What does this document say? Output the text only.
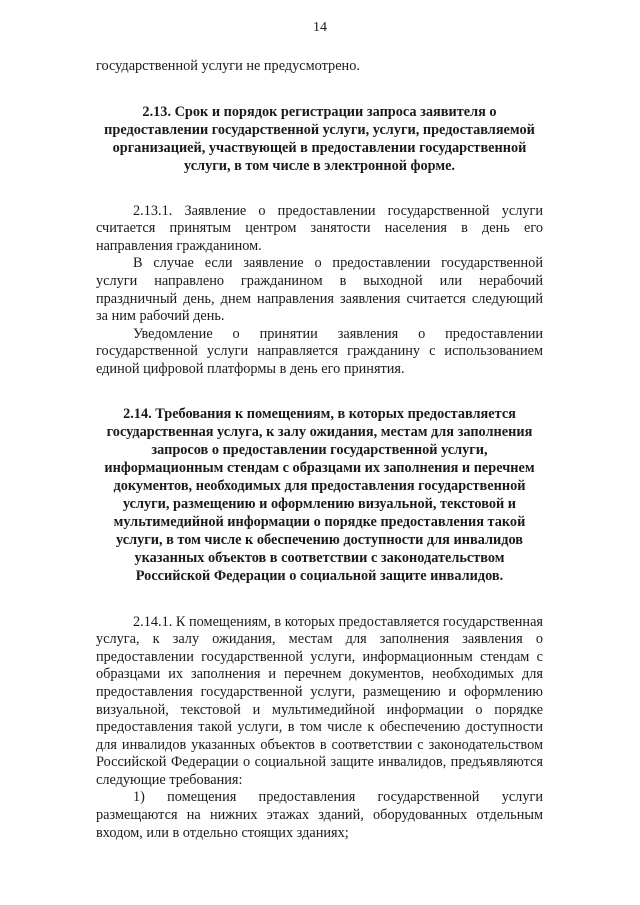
14

государственной услуги не предусмотрено.

2.13. Срок и порядок регистрации запроса заявителя о предоставлении государственной услуги, услуги, предоставляемой организацией, участвующей в предоставлении государственной услуги, в том числе в электронной форме.

2.13.1. Заявление о предоставлении государственной услуги считается принятым центром занятости населения в день его направления гражданином.

В случае если заявление о предоставлении государственной услуги направлено гражданином в выходной или нерабочий праздничный день, днем направления заявления считается следующий за ним рабочий день.

Уведомление о принятии заявления о предоставлении государственной услуги направляется гражданину с использованием единой цифровой платформы в день его принятия.

2.14. Требования к помещениям, в которых предоставляется государственная услуга, к залу ожидания, местам для заполнения запросов о предоставлении государственной услуги, информационным стендам с образцами их заполнения и перечнем документов, необходимых для предоставления государственной услуги, размещению и оформлению визуальной, текстовой и мультимедийной информации о порядке предоставления такой услуги, в том числе к обеспечению доступности для инвалидов указанных объектов в соответствии с законодательством Российской Федерации о социальной защите инвалидов.

2.14.1. К помещениям, в которых предоставляется государственная услуга, к залу ожидания, местам для заполнения заявления о предоставлении государственной услуги, информационным стендам с образцами их заполнения и перечнем документов, необходимых для предоставления государственной услуги, размещению и оформлению визуальной, текстовой и мультимедийной информации о порядке предоставления такой услуги, в том числе к обеспечению доступности для инвалидов указанных объектов в соответствии с законодательством Российской Федерации о социальной защите инвалидов, предъявляются следующие требования:

1) помещения предоставления государственной услуги размещаются на нижних этажах зданий, оборудованных отдельным входом, или в отдельно стоящих зданиях;
